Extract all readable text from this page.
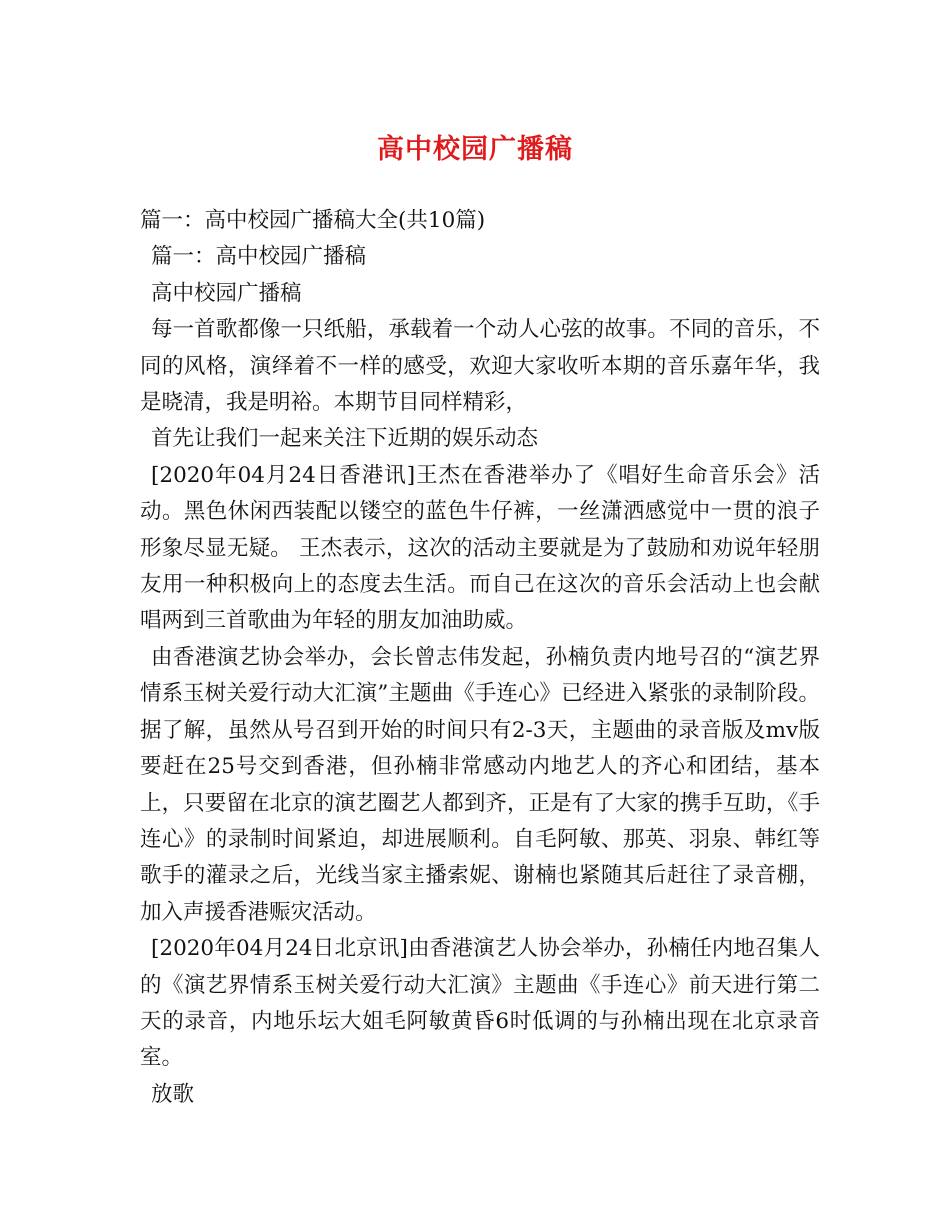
高中校园广播稿

篇一：高中校园广播稿大全(共10篇)

篇一：高中校园广播稿

高中校园广播稿

每一首歌都像一只纸船，承载着一个动人心弦的故事。不同的音乐，不同的风格，演绎着不一样的感受，欢迎大家收听本期的音乐嘉年华，我是晓清，我是明裕。本期节目同样精彩，

首先让我们一起来关注下近期的娱乐动态

[2020年04月24日香港讯]王杰在香港举办了《唱好生命音乐会》活动。黑色休闲西装配以镂空的蓝色牛仔裤，一丝潇洒感觉中一贯的浪子形象尽显无疑。 王杰表示，这次的活动主要就是为了鼓励和劝说年轻朋友用一种积极向上的态度去生活。而自己在这次的音乐会活动上也会献唱两到三首歌曲为年轻的朋友加油助威。

由香港演艺协会举办，会长曾志伟发起，孙楠负责内地号召的“演艺界情系玉树关爱行动大汇演”主题曲《手连心》已经进入紧张的录制阶段。据了解，虽然从号召到开始的时间只有2-3天，主题曲的录音版及mv版要赶在25号交到香港，但孙楠非常感动内地艺人的齐心和团结，基本上，只要留在北京的演艺圈艺人都到齐，正是有了大家的携手互助，《手连心》的录制时间紧迫，却进展顺利。自毛阿敏、那英、羽泉、韩红等歌手的灌录之后，光线当家主播索妮、谢楠也紧随其后赶往了录音棚，加入声援香港赈灾活动。

[2020年04月24日北京讯]由香港演艺人协会举办，孙楠任内地召集人的《演艺界情系玉树关爱行动大汇演》主题曲《手连心》前天进行第二天的录音，内地乐坛大姐毛阿敏黄昏6时低调的与孙楠出现在北京录音室。

放歌
